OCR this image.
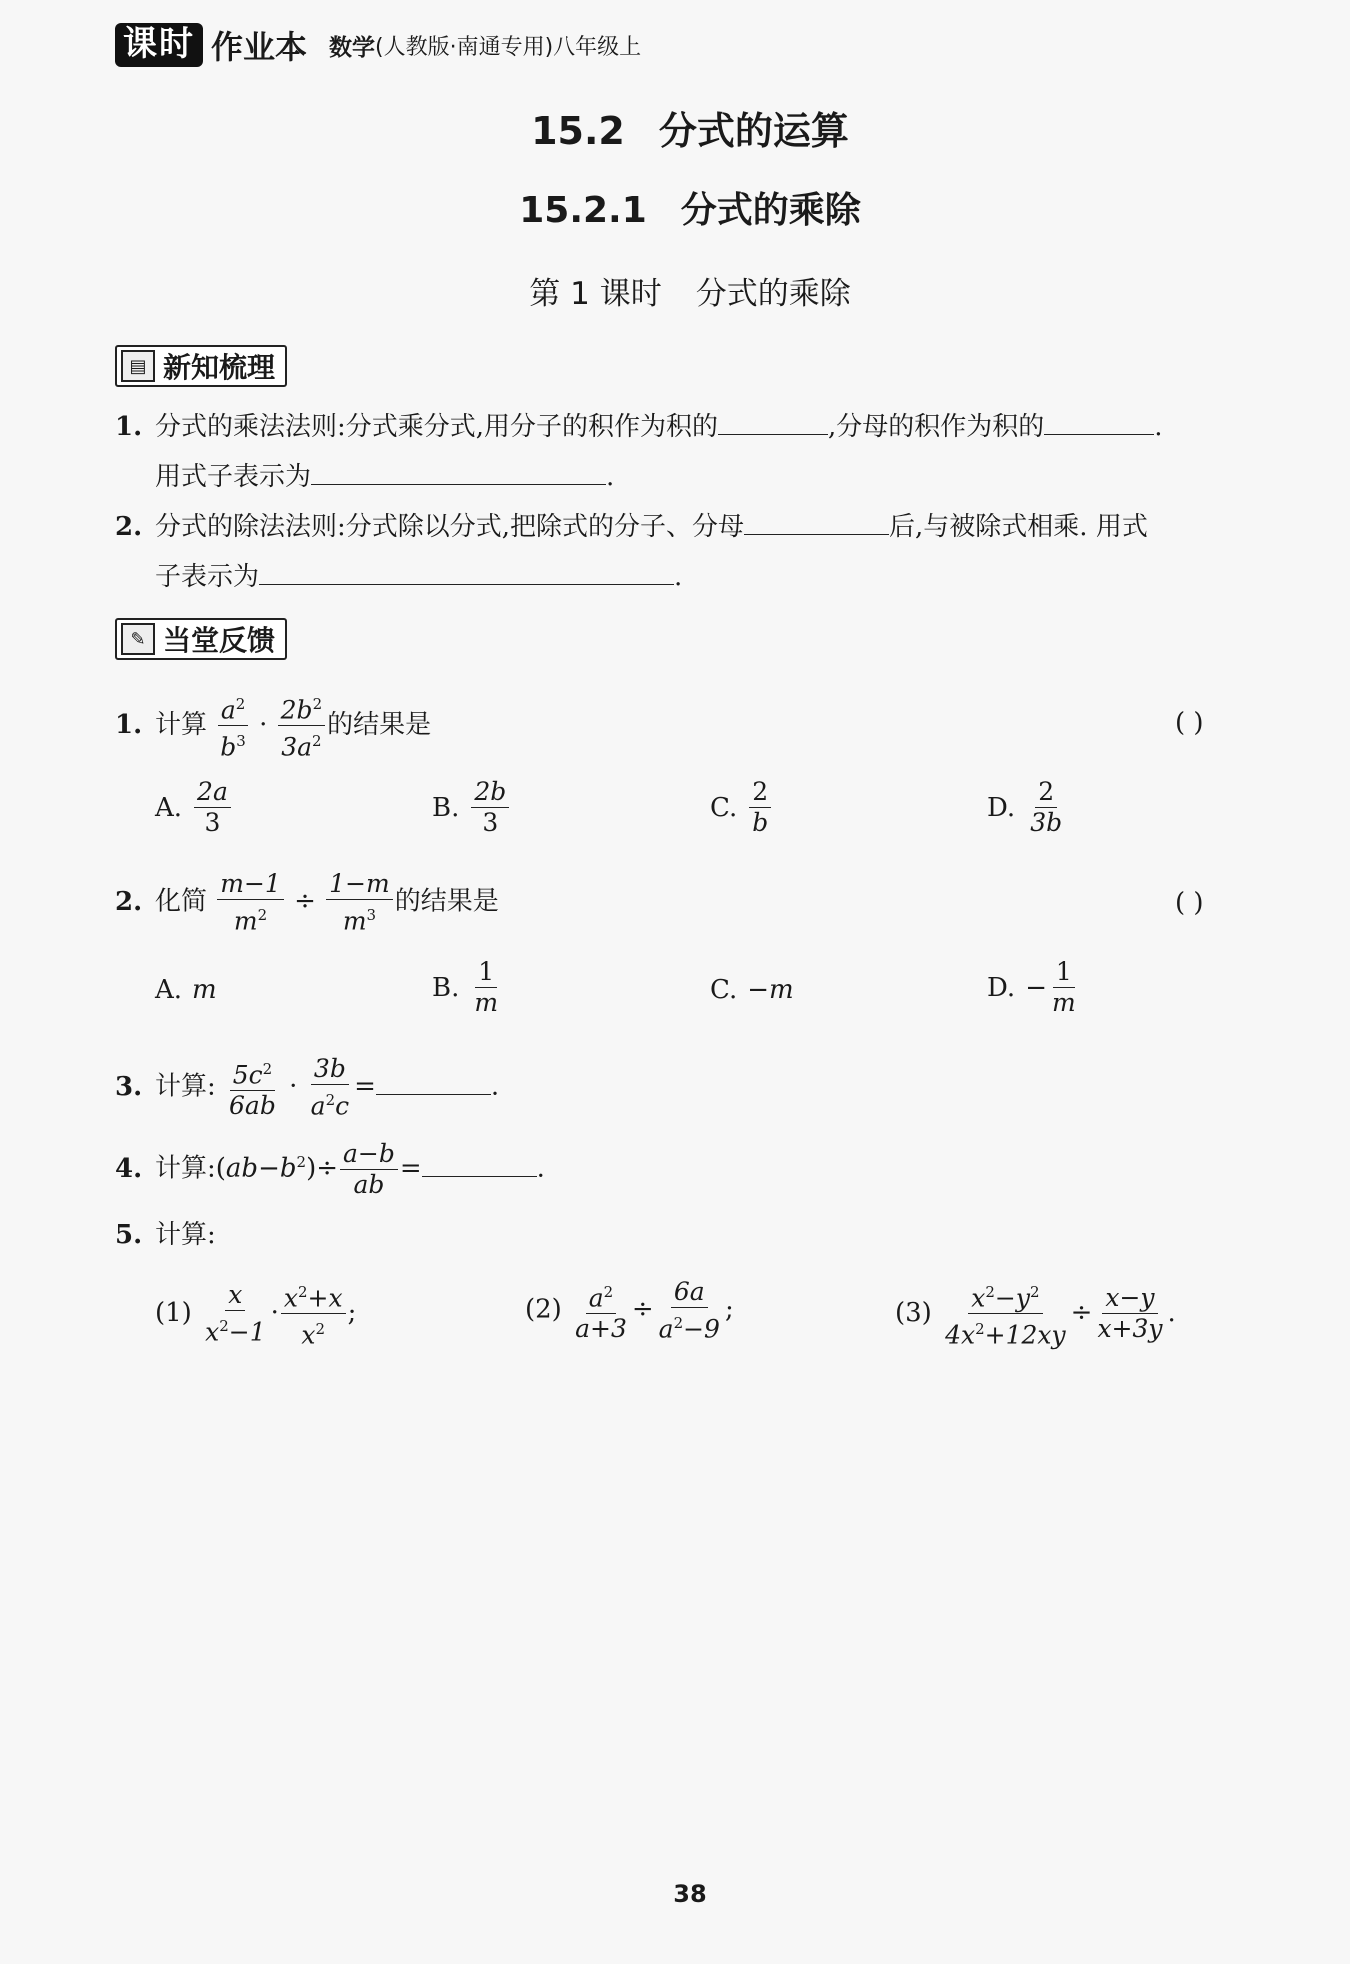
课时 作业本 数学 (人教版·南通专用)八年级上
15.2 分式的运算
15.2.1 分式的乘除
第 1 课时 分式的乘除
▤ 新知梳理
1. 分式的乘法法则:分式乘分式,用分子的积作为积的	,分母的积作为积的	.
用式子表示为	.
2. 分式的除法法则:分式除以分式,把除式的分子、分母	后,与被除式相乘. 用式
子表示为	.
✎ 当堂反馈
1. 计算 $\frac{a^2}{b^3} \cdot \frac{2b^2}{3a^2}$ 的结果是	( )
A. $\frac{2a}{3}$	B. $\frac{2b}{3}$	C. $\frac{2}{b}$	D. $\frac{2}{3b}$
2. 化简 $\frac{m-1}{m^2} \div \frac{1-m}{m^3}$ 的结果是	( )
A. m	B. $\frac{1}{m}$	C. −m	D. − $\frac{1}{m}$
3. 计算: $\frac{5c^2}{6ab} \cdot \frac{3b}{a^2c}$ =	.
4. 计算$:(ab-b^2)\div \frac{a-b}{ab}$ =	.
5. 计算:
$(1) \frac{x}{x^2-1} \cdot \frac{x^2+x}{x^2}$ ;	$(2) \frac{a^2}{a+3} \div \frac{6a}{a^2-9}$ ;	$(3) \frac{x^2-y^2}{4x^2+12xy} \div \frac{x-y}{x+3y}$ .
38
